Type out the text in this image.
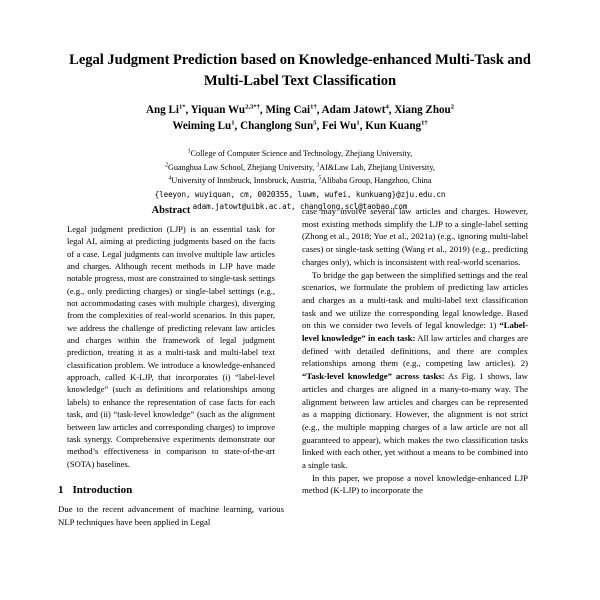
Legal Judgment Prediction based on Knowledge-enhanced Multi-Task and Multi-Label Text Classification
Ang $Li^{1*}$, Yiquan $Wu^{2,3*\dagger}$, Ming Cai$^{1\dagger}$, Adam Jatowt$^4$, Xiang Zhou$^2$
Weiming Lu$^1$, Changlong Sun$^5$, Fei Wu$^1$, Kun Kuang$^{1\dagger}$
$^1$College of Computer Science and Technology, Zhejiang University,
$^2$Guanghua Law School, Zhejiang University, $^3$AI&Law Lab, Zhejiang University,
$^4$University of Innsbruck, Innsbruck, Austria, $^5$Alibaba Group, Hangzhou, China
{leeyon, wuyiquan, cm, 0020355, luwm, wufei, kunkuang}@zju.edu.cn
adam.jatowt@uibk.ac.at, changlong.scl@taobao.com
Abstract

Legal judgment prediction (LJP) is an essential task for legal AI, aiming at predicting judgments based on the facts of a case. Legal judgments can involve multiple law articles and charges. Although recent methods in LJP have made notable progress, most are constrained to single-task settings (e.g., only predicting charges) or single-label settings (e.g., not accommodating cases with multiple charges), diverging from the complexities of real-world scenarios. In this paper, we address the challenge of predicting relevant law articles and charges within the framework of legal judgment prediction, treating it as a multi-task and multi-label text classification problem. We introduce a knowledge-enhanced approach, called K-LJP, that incorporates (i) “label-level knowledge” (such as definitions and relationships among labels) to enhance the representation of case facts for each task, and (ii) “task-level knowledge” (such as the alignment between law articles and corresponding charges) to improve task synergy. Comprehensive experiments demonstrate our method’s effectiveness in comparison to state-of-the-art (SOTA) baselines.

1 Introduction

Due to the recent advancement of machine learning, various NLP techniques have been applied in Legal

case may involve several law articles and charges. However, most existing methods simplify the LJP to a single-label setting (Zhong et al., 2018; Yue et al., 2021a) (e.g., ignoring multi-label cases) or single-task setting (Wang et al., 2019) (e.g., predicting charges only), which is inconsistent with real-world scenarios.

To bridge the gap between the simplified settings and the real scenarios, we formulate the problem of predicting law articles and charges as a multi-task and multi-label text classification task and we utilize the corresponding legal knowledge. Based on this we consider two levels of legal knowledge: 1) “Label-level knowledge” in each task: All law articles and charges are defined with detailed definitions, and there are complex relationships among them (e.g., competing law articles). 2) “Task-level knowledge” across tasks: As Fig. 1 shows, law articles and charges are aligned in a many-to-many way. The alignment between law articles and charges can be represented as a mapping dictionary. However, the alignment is not strict (e.g., the multiple mapping charges of a law article are not all guaranteed to appear), which makes the two classification tasks linked with each other, yet without a means to be combined into a single task.

In this paper, we propose a novel knowledge-enhanced LJP method (K-LJP) to incorporate the
